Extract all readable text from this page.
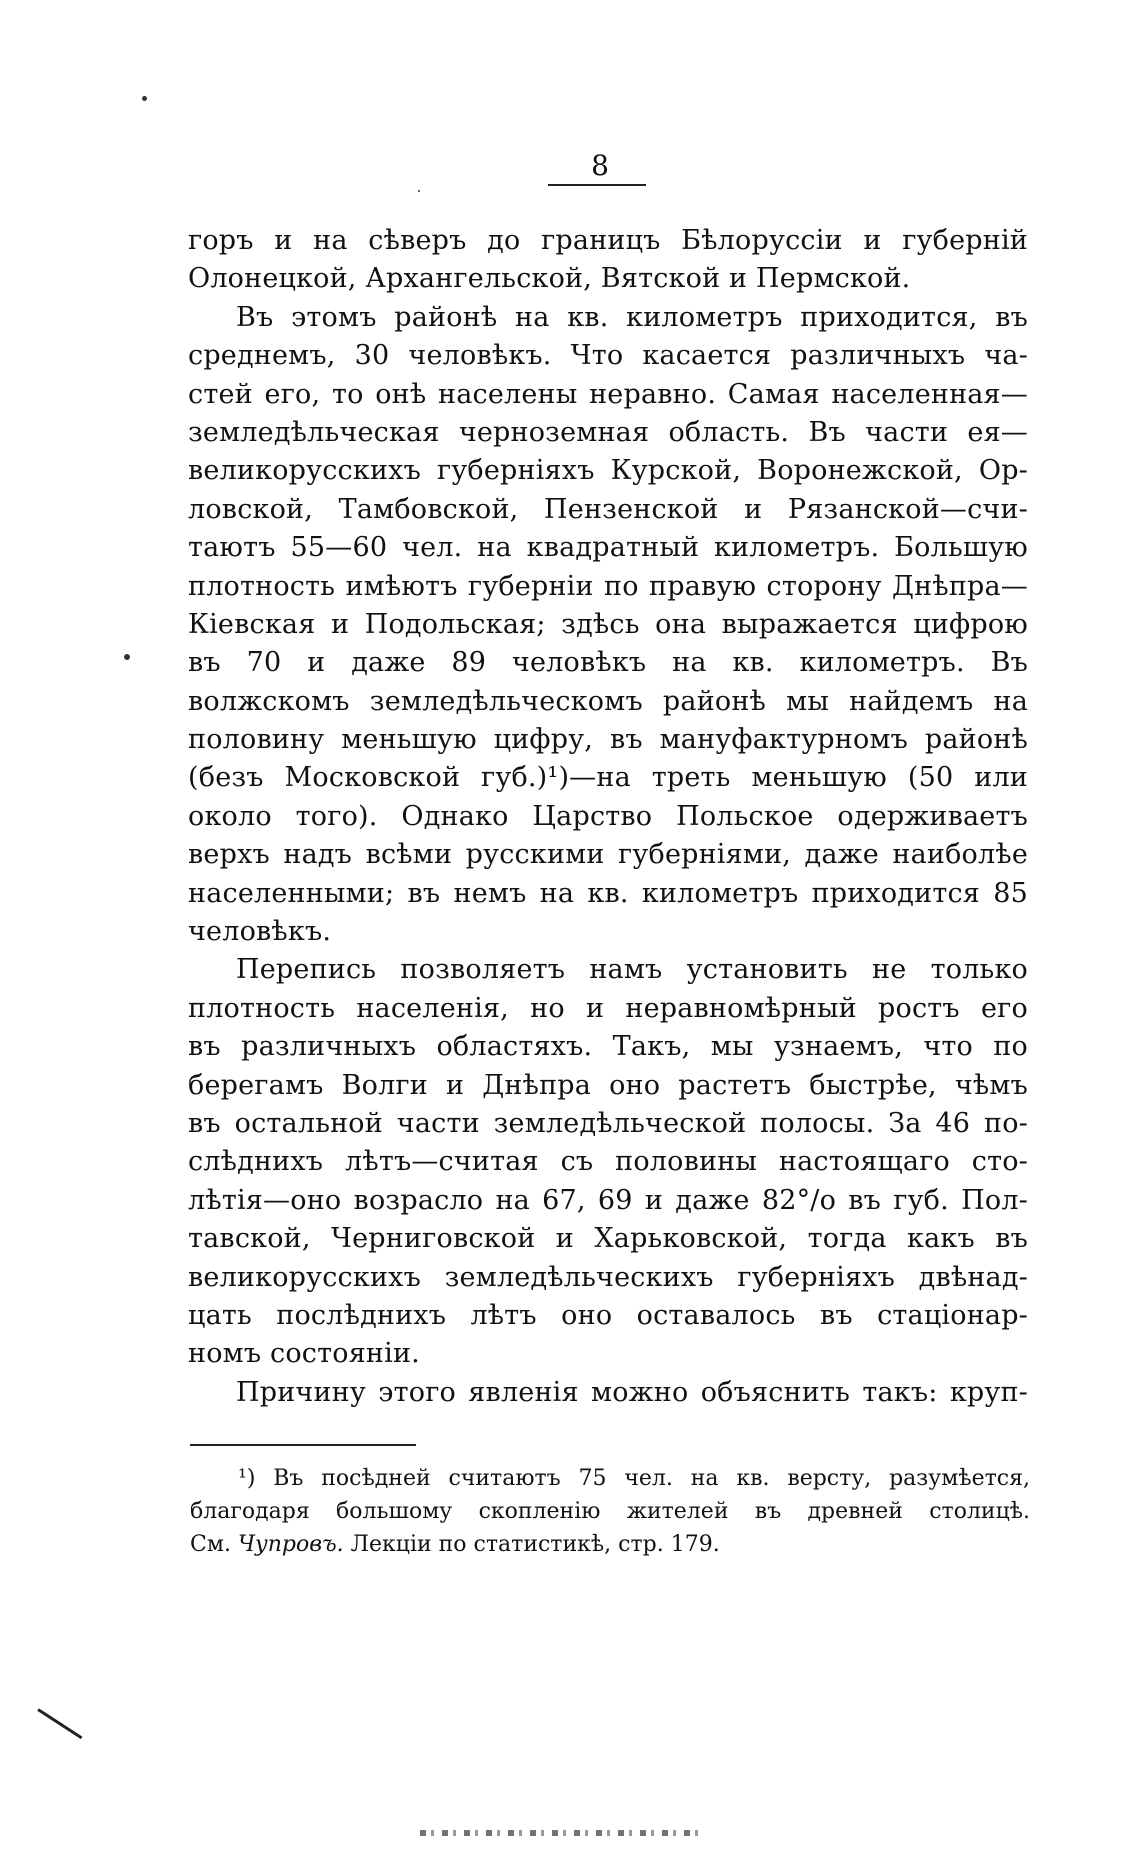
8
горъ и на сѣверъ до границъ Бѣлоруссіи и губерній
Олонецкой, Архангельской, Вятской и Пермской.
Въ этомъ районѣ на кв. километръ приходится, въ
среднемъ, 30 человѣкъ. Что касается различныхъ ча-
стей его, то онѣ населены неравно. Самая населенная—
земледѣльческая черноземная область. Въ части ея—
великорусскихъ губерніяхъ Курской, Воронежской, Ор-
ловской, Тамбовской, Пензенской и Рязанской—счи-
таютъ 55—60 чел. на квадратный километръ. Большую
плотность имѣютъ губерніи по правую сторону Днѣпра—
Кіевская и Подольская; здѣсь она выражается цифрою
въ 70 и даже 89 человѣкъ на кв. километръ. Въ
волжскомъ земледѣльческомъ районѣ мы найдемъ на
половину меньшую цифру, въ мануфактурномъ районѣ
(безъ Московской губ.)¹)—на треть меньшую (50 или
около того). Однако Царство Польское одерживаетъ
верхъ надъ всѣми русскими губерніями, даже наиболѣе
населенными; въ немъ на кв. километръ приходится 85
человѣкъ.
Перепись позволяетъ намъ установить не только
плотность населенія, но и неравномѣрный ростъ его
въ различныхъ областяхъ. Такъ, мы узнаемъ, что по
берегамъ Волги и Днѣпра оно растетъ быстрѣе, чѣмъ
въ остальной части земледѣльческой полосы. За 46 по-
слѣднихъ лѣтъ—считая съ половины настоящаго сто-
лѣтія—оно возрасло на 67, 69 и даже 82°/о въ губ. Пол-
тавской, Черниговской и Харьковской, тогда какъ въ
великорусскихъ земледѣльческихъ губерніяхъ двѣнад-
цать послѣднихъ лѣтъ оно оставалось въ стаціонар-
номъ состояніи.
Причину этого явленія можно объяснить такъ: круп-
¹) Въ посѣдней считаютъ 75 чел. на кв. версту, разумѣется,
благодаря большому скопленію жителей въ древней столицѣ.
См. Чупровъ. Лекціи по статистикѣ, стр. 179.
